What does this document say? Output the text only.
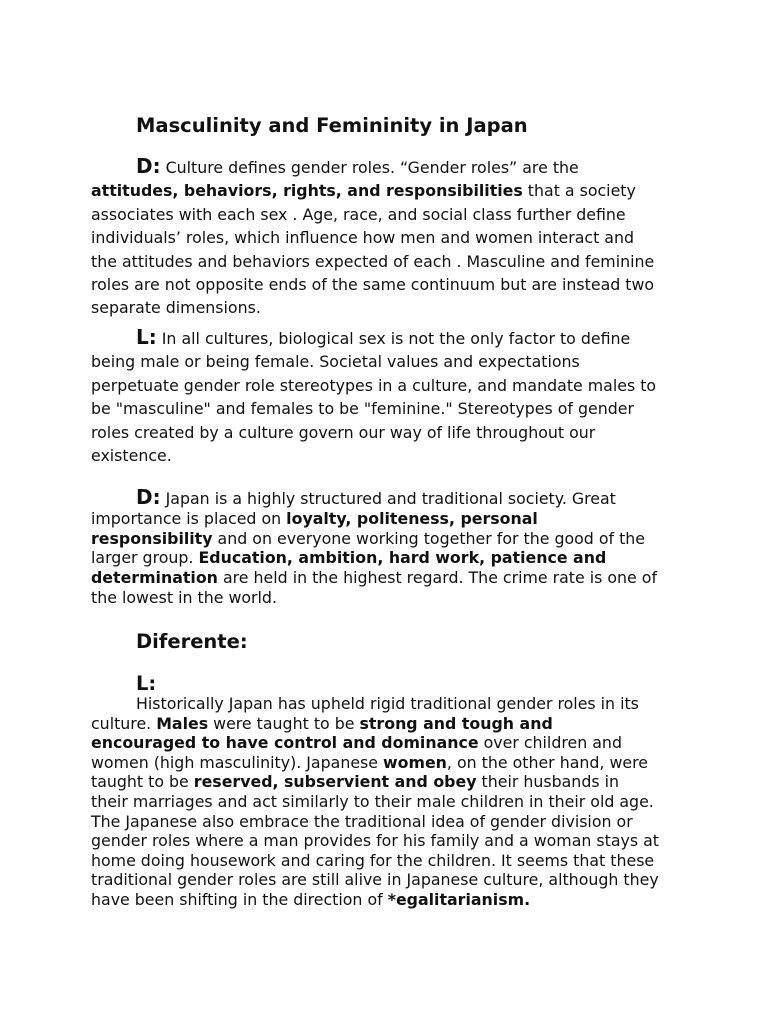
Masculinity and Femininity in Japan

D: Culture defines gender roles. “Gender roles” are the

attitudes, behaviors, rights, and responsibilities that a society

associates with each sex . Age, race, and social class further define

individuals’ roles, which influence how men and women interact and

the attitudes and behaviors expected of each . Masculine and feminine

roles are not opposite ends of the same continuum but are instead two

separate dimensions.

L: In all cultures, biological sex is not the only factor to define

being male or being female. Societal values and expectations

perpetuate gender role stereotypes in a culture, and mandate males to

be "masculine" and females to be "feminine." Stereotypes of gender

roles created by a culture govern our way of life throughout our

existence.

D: Japan is a highly structured and traditional society. Great

importance is placed on loyalty, politeness, personal

responsibility and on everyone working together for the good of the

larger group. Education, ambition, hard work, patience and

determination are held in the highest regard. The crime rate is one of

the lowest in the world.

Diferente:
L:

Historically Japan has upheld rigid traditional gender roles in its

culture. Males were taught to be strong and tough and

encouraged to have control and dominance over children and

women (high masculinity). Japanese women, on the other hand, were

taught to be reserved, subservient and obey their husbands in

their marriages and act similarly to their male children in their old age.

The Japanese also embrace the traditional idea of gender division or

gender roles where a man provides for his family and a woman stays at

home doing housework and caring for the children. It seems that these

traditional gender roles are still alive in Japanese culture, although they

have been shifting in the direction of *egalitarianism.
